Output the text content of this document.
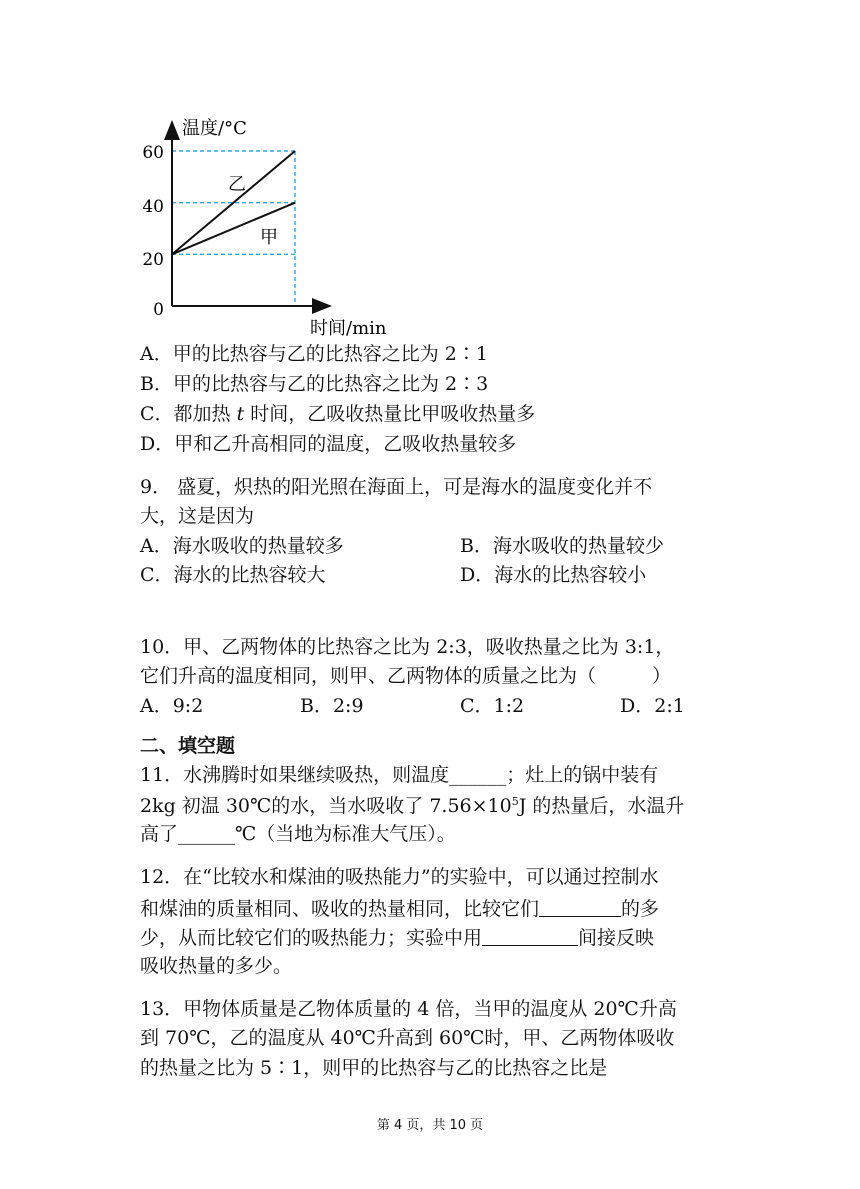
温度/°C
60
40
20
0
乙
甲
时间/min
A．甲的比热容与乙的比热容之比为 2∶1
B．甲的比热容与乙的比热容之比为 2∶3
C．都加热 t 时间，乙吸收热量比甲吸收热量多
D．甲和乙升高相同的温度，乙吸收热量较多
9． 盛夏，炽热的阳光照在海面上，可是海水的温度变化并不
大，这是因为
A．海水吸收的热量较多	B．海水吸收的热量较少
C．海水的比热容较大	D．海水的比热容较小
10．甲、乙两物体的比热容之比为 2:3，吸收热量之比为 3:1，
它们升高的温度相同，则甲、乙两物体的质量之比为（	）
A．9:2	B．2:9	C．1:2	D．2:1
二、填空题
11．水沸腾时如果继续吸热，则温度______；灶上的锅中装有
2kg 初温 30℃的水，当水吸收了 $7.56\times 10^5J$ 的热量后，水温升
高了______℃（当地为标准大气压）。
12．在“比较水和煤油的吸热能力”的实验中，可以通过控制水
和煤油的质量相同、吸收的热量相同，比较它们	的多
少，从而比较它们的吸热能力；实验中用	间接反映
吸收热量的多少。
13．甲物体质量是乙物体质量的 4 倍，当甲的温度从 20℃升高
到 70℃，乙的温度从 40℃升高到 60℃时，甲、乙两物体吸收
的热量之比为 5∶1，则甲的比热容与乙的比热容之比是
第 4 页，共 10 页
